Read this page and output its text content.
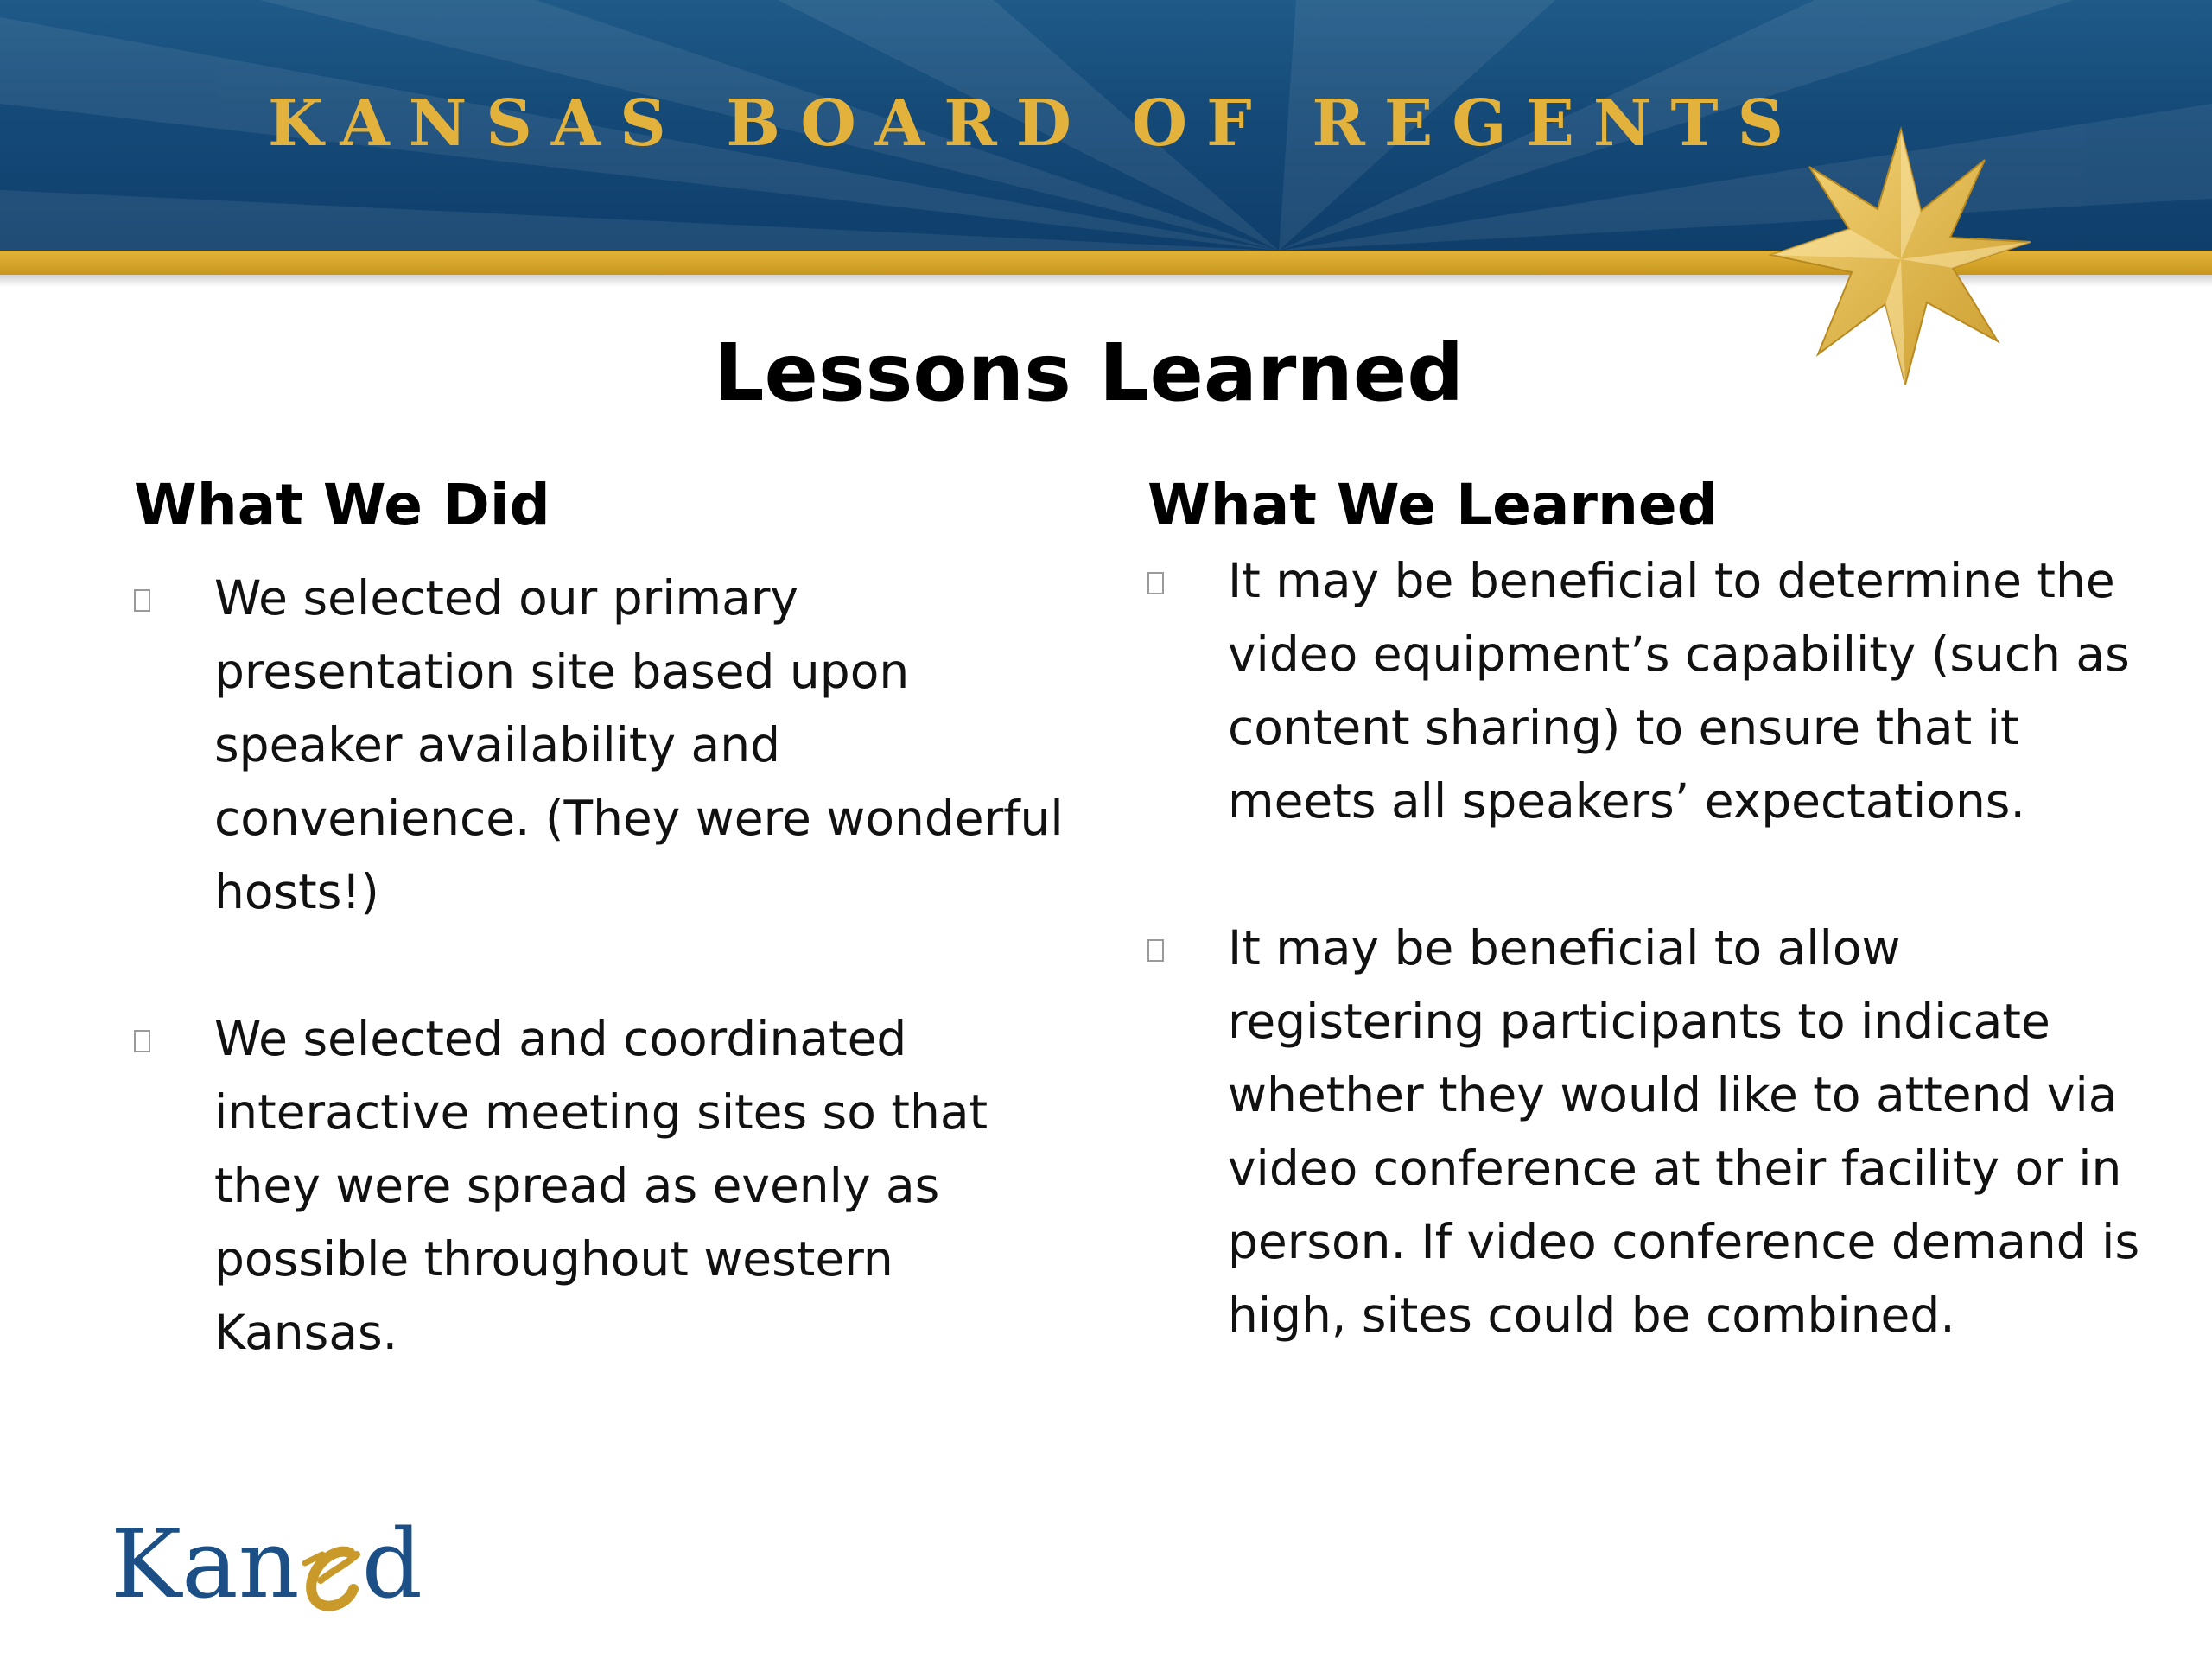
KANSAS BOARD OF REGENTS
Lessons Learned
What We Did
We selected our primary presentation site based upon speaker availability and convenience. (They were wonderful hosts!)
We selected and coordinated interactive meeting sites so that they were spread as evenly as possible throughout western Kansas.
What We Learned
It may be beneficial to determine the video equipment’s capability (such as content sharing) to ensure that it meets all speakers’ expectations.
It may be beneficial to allow registering participants to indicate whether they would like to attend via video conference at their facility or in person. If video conference demand is high, sites could be combined.
Kan d
